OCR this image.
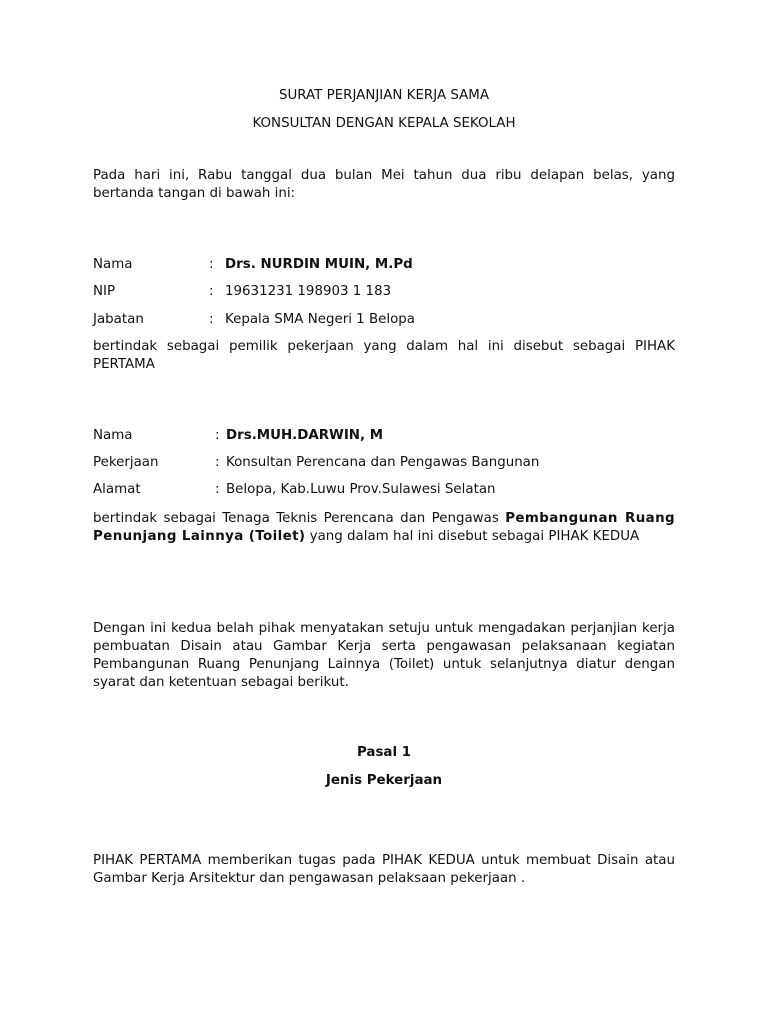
SURAT PERJANJIAN KERJA SAMA
KONSULTAN DENGAN KEPALA SEKOLAH
Pada hari ini, Rabu tanggal dua bulan Mei tahun dua ribu delapan belas, yang bertanda tangan di bawah ini:
Nama	: Drs. NURDIN MUIN, M.Pd
NIP	: 19631231 198903 1 183
Jabatan	: Kepala SMA Negeri 1 Belopa
bertindak sebagai pemilik pekerjaan yang dalam hal ini disebut sebagai PIHAK PERTAMA
Nama	: Drs.MUH.DARWIN, M
Pekerjaan	: Konsultan Perencana dan Pengawas Bangunan
Alamat	: Belopa, Kab.Luwu Prov.Sulawesi Selatan
bertindak sebagai Tenaga Teknis Perencana dan Pengawas Pembangunan Ruang Penunjang Lainnya (Toilet) yang dalam hal ini disebut sebagai PIHAK KEDUA
Dengan ini kedua belah pihak menyatakan setuju untuk mengadakan perjanjian kerja pembuatan Disain atau Gambar Kerja serta pengawasan pelaksanaan kegiatan Pembangunan Ruang Penunjang Lainnya (Toilet) untuk selanjutnya diatur dengan syarat dan ketentuan sebagai berikut.
Pasal 1
Jenis Pekerjaan
PIHAK PERTAMA memberikan tugas pada PIHAK KEDUA untuk membuat Disain atau Gambar Kerja Arsitektur dan pengawasan pelaksaan pekerjaan .
